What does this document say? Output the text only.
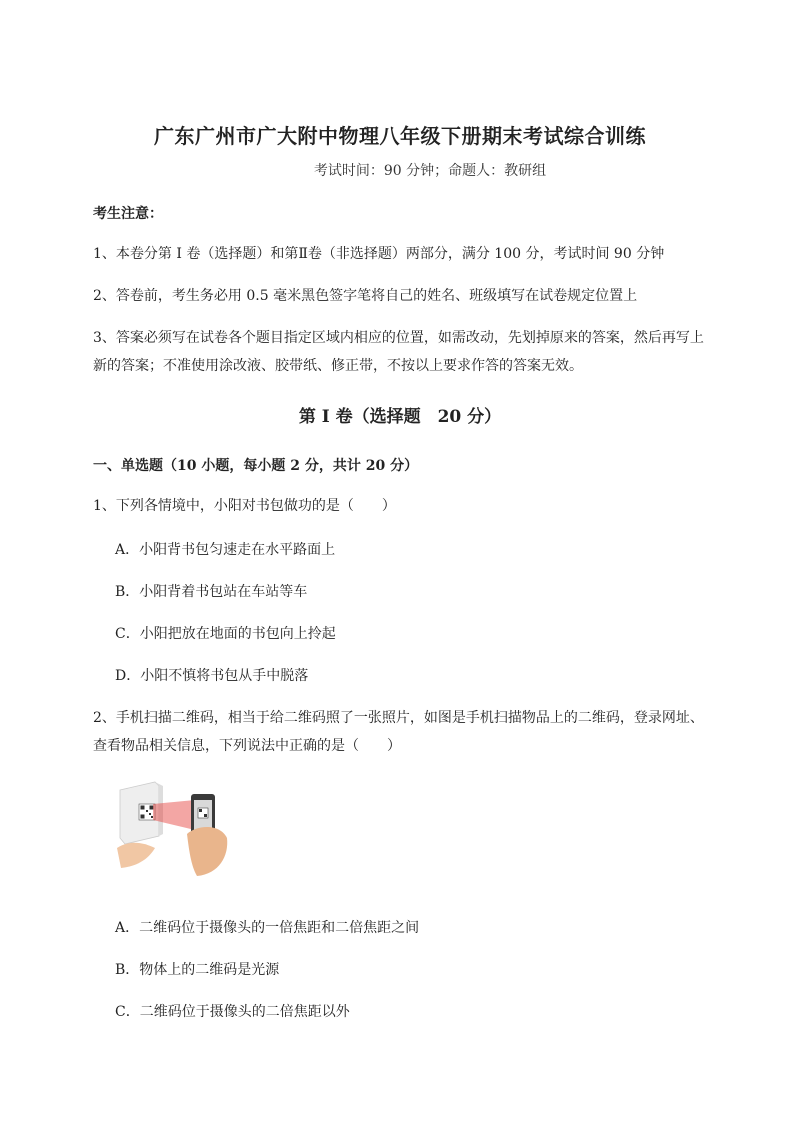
广东广州市广大附中物理八年级下册期末考试综合训练
考试时间：90 分钟；命题人：教研组
考生注意：
1、本卷分第 I 卷（选择题）和第Ⅱ卷（非选择题）两部分，满分 100 分，考试时间 90 分钟
2、答卷前，考生务必用 0.5 毫米黑色签字笔将自己的姓名、班级填写在试卷规定位置上
3、答案必须写在试卷各个题目指定区域内相应的位置，如需改动，先划掉原来的答案，然后再写上新的答案；不准使用涂改液、胶带纸、修正带，不按以上要求作答的答案无效。
第 I 卷（选择题　20 分）
一、单选题（10 小题，每小题 2 分，共计 20 分）
1、下列各情境中，小阳对书包做功的是（　　）
A．小阳背书包匀速走在水平路面上
B．小阳背着书包站在车站等车
C．小阳把放在地面的书包向上拎起
D．小阳不慎将书包从手中脱落
2、手机扫描二维码，相当于给二维码照了一张照片，如图是手机扫描物品上的二维码，登录网址、查看物品相关信息，下列说法中正确的是（　　）
A．二维码位于摄像头的一倍焦距和二倍焦距之间
B．物体上的二维码是光源
C．二维码位于摄像头的二倍焦距以外
